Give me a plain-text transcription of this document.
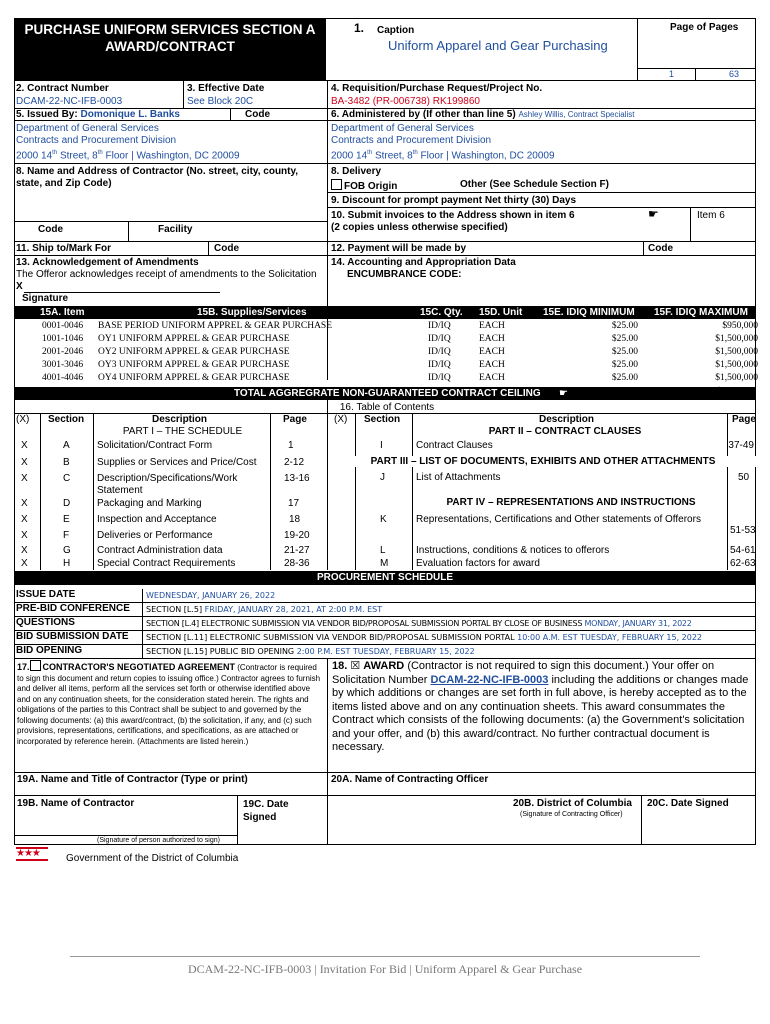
PURCHASE UNIFORM SERVICES SECTION A AWARD/CONTRACT
1. Caption
Uniform Apparel and Gear Purchasing
Page of Pages
1	63
2. Contract Number
DCAM-22-NC-IFB-0003
3. Effective Date
See Block 20C
4. Requisition/Purchase Request/Project No.
BA-3482 (PR-006738) RK199860
5. Issued By: Domonique L. Banks	Code
Department of General Services
Contracts and Procurement Division
2000 14th Street, 8th Floor | Washington, DC 20009
6. Administered by (If other than line 5) Ashley Willis, Contract Specialist
Department of General Services
Contracts and Procurement Division
2000 14th Street, 8th Floor | Washington, DC 20009
8. Name and Address of Contractor (No. street, city, county, state, and Zip Code)
Code	Facility
8. Delivery
FOB Origin	Other (See Schedule Section F)
9. Discount for prompt payment Net thirty (30) Days
10. Submit invoices to the Address shown in item 6
(2 copies unless otherwise specified)
☛	Item 6
11. Ship to/Mark For	Code	12. Payment will be made by	Code
13. Acknowledgement of Amendments
The Offeror acknowledges receipt of amendments to the Solicitation
X
Signature
14. Accounting and Appropriation Data
ENCUMBRANCE CODE:
15A. Item	15B. Supplies/Services	15C. Qty. 15D. Unit 15E. IDIQ MINIMUM 15F. IDIQ MAXIMUM
0001-0046 BASE PERIOD UNIFORM APPREL & GEAR PURCHASE	ID/IQ	EACH	$25.00	$950,000
1001-1046 OY1 UNIFORM APPREL & GEAR PURCHASE	ID/IQ	EACH	$25.00	$1,500,000
2001-2046 OY2 UNIFORM APPREL & GEAR PURCHASE	ID/IQ	EACH	$25.00	$1,500,000
3001-3046 OY3 UNIFORM APPREL & GEAR PURCHASE	ID/IQ	EACH	$25.00	$1,500,000
4001-4046 OY4 UNIFORM APPREL & GEAR PURCHASE	ID/IQ	EACH	$25.00	$1,500,000
TOTAL AGGREGRATE NON-GUARANTEED CONTRACT CEILING ☛	$950,000
16. Table of Contents
(X) Section	Description	Page
PART I – THE SCHEDULE
X	A	Solicitation/Contract Form	1
X	B	Supplies or Services and Price/Cost	2-12
X	C	Description/Specifications/Work Statement
13-16
X	D	Packaging and Marking	17
X	E	Inspection and Acceptance	18
X	F	Deliveries or Performance	19-20
X	G	Contract Administration data	21-27
X	H	Special Contract Requirements	28-36
(X) Section	Description	Page
PART II – CONTRACT CLAUSES
I	Contract Clauses	37-49
PART III – LIST OF DOCUMENTS, EXHIBITS AND OTHER ATTACHMENTS
J	List of Attachments	50
PART IV – REPRESENTATIONS AND INSTRUCTIONS
K	Representations, Certifications and Other statements of Offerors
51-53
L	Instructions, conditions & notices to offerors	54-61
M	Evaluation factors for award	62-63
PROCUREMENT SCHEDULE
ISSUE DATE	WEDNESDAY, JANUARY 26, 2022
PRE-BID CONFERENCE SECTION [L.5] FRIDAY, JANUARY 28, 2021, AT 2:00 P.M. EST
QUESTIONS	SECTION [L.4] ELECTRONIC SUBMISSION VIA VENDOR BID/PROPOSAL SUBMISSION PORTAL BY CLOSE OF BUSINESS MONDAY, JANUARY 31, 2022
BID SUBMISSION DATE SECTION [L.11] ELECTRONIC SUBMISSION VIA VENDOR BID/PROPOSAL SUBMISSION PORTAL 10:00 A.M. EST TUESDAY, FEBRUARY 15, 2022
BID OPENING	SECTION [L.15] PUBLIC BID OPENING 2:00 P.M. EST TUESDAY, FEBRUARY 15, 2022
17. CONTRACTOR'S NEGOTIATED AGREEMENT (Contractor is required to sign this document and return copies to issuing office.) Contractor agrees to furnish and deliver all items, perform all the services set forth or otherwise identified above and on any continuation sheets, for the consideration stated herein. The rights and obligations of the parties to this Contract shall be subject to and governed by the following documents: (a) this award/contract, (b) the solicitation, if any, and (c) such provisions, representations, certifications, and specifications, as are attached or incorporated by reference herein. (Attachments are listed herein.)
18. ☒ AWARD (Contractor is not required to sign this document.) Your offer on Solicitation Number DCAM-22-NC-IFB-0003 including the additions or changes made by which additions or changes are set forth in full above, is hereby accepted as to the items listed above and on any continuation sheets. This award consummates the Contract which consists of the following documents: (a) the Government's solicitation and your offer, and (b) this award/contract. No further contractual document is necessary.
19A. Name and Title of Contractor (Type or print)	20A. Name of Contracting Officer
19B. Name of Contractor	19C. Date Signed
20B. District of Columbia
(Signature of Contracting Officer)
20C. Date Signed
(Signature of person authorized to sign)
★★★	Government of the District of Columbia
DCAM-22-NC-IFB-0003 | Invitation For Bid | Uniform Apparel & Gear Purchase
